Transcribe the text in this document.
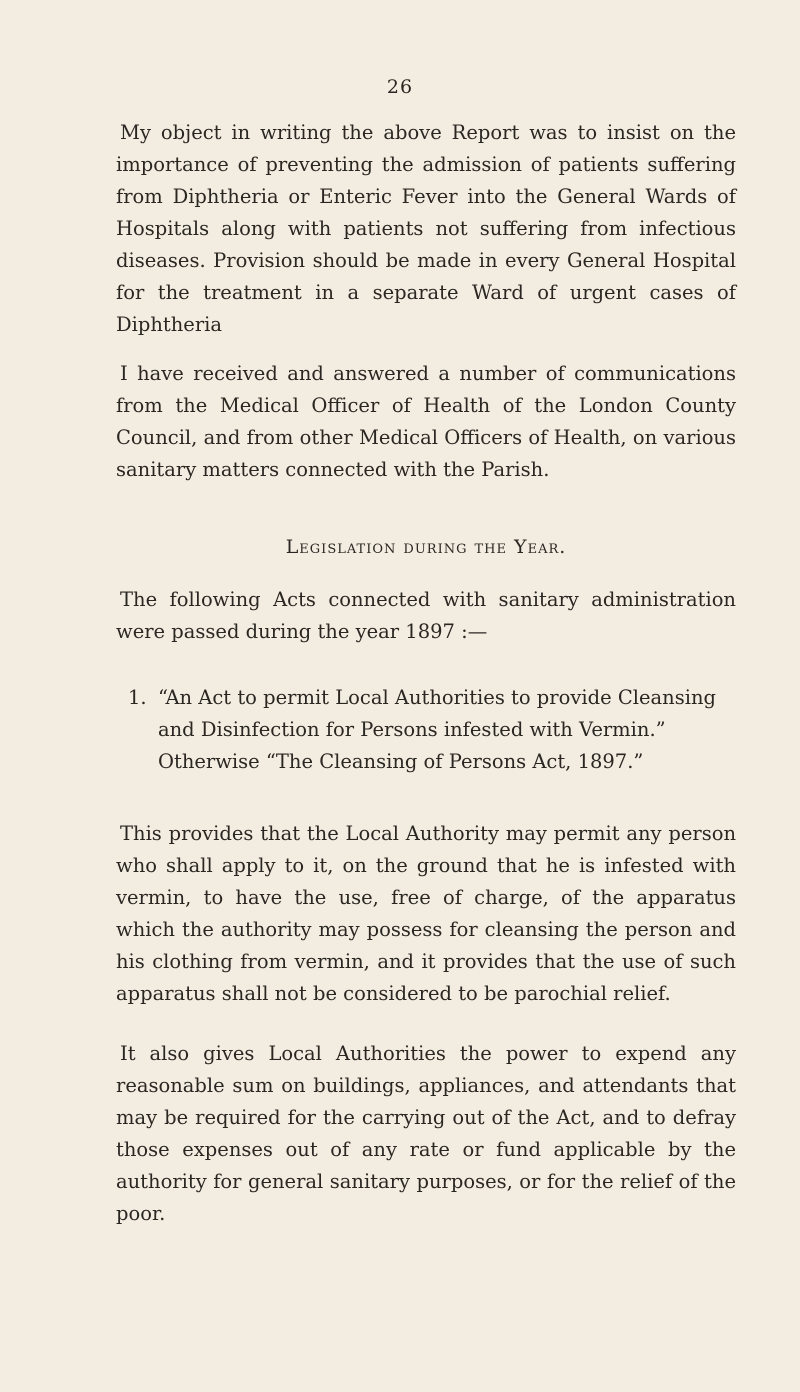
26

My object in writing the above Report was to insist on the importance of preventing the admission of patients suffering from Diphtheria or Enteric Fever into the General Wards of Hospitals along with patients not suffering from infectious diseases. Provision should be made in every General Hospital for the treatment in a separate Ward of urgent cases of Diphtheria

I have received and answered a number of communications from the Medical Officer of Health of the London County Council, and from other Medical Officers of Health, on various sanitary matters connected with the Parish.

Legislation during the Year.

The following Acts connected with sanitary administration were passed during the year 1897 :—

1. “An Act to permit Local Authorities to provide Cleansing and Disinfection for Persons infested with Vermin.” Otherwise “The Cleansing of Persons Act, 1897.”

This provides that the Local Authority may permit any person who shall apply to it, on the ground that he is infested with vermin, to have the use, free of charge, of the apparatus which the authority may possess for cleansing the person and his clothing from vermin, and it provides that the use of such apparatus shall not be considered to be parochial relief.

It also gives Local Authorities the power to expend any reasonable sum on buildings, appliances, and attendants that may be required for the carrying out of the Act, and to defray those expenses out of any rate or fund applicable by the authority for general sanitary purposes, or for the relief of the poor.
